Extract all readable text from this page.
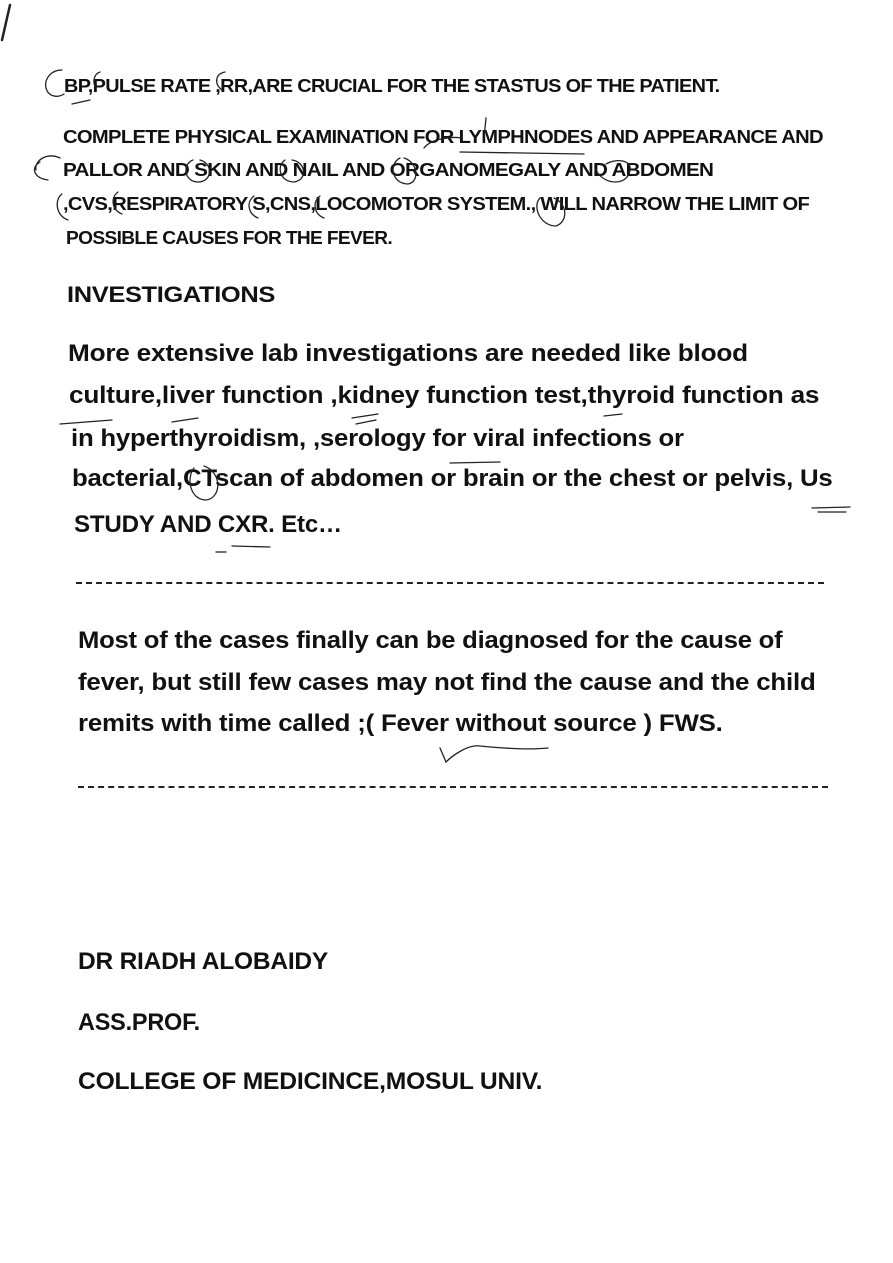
BP,PULSE RATE ,RR,ARE CRUCIAL FOR THE STASTUS OF THE PATIENT.
COMPLETE PHYSICAL EXAMINATION FOR LYMPHNODES AND APPEARANCE AND
PALLOR AND SKIN AND NAIL AND ORGANOMEGALY AND ABDOMEN
,CVS,RESPIRATORY S,CNS,LOCOMOTOR SYSTEM., WILL NARROW THE LIMIT OF
POSSIBLE CAUSES FOR THE FEVER.
INVESTIGATIONS
More extensive lab investigations are needed like blood
culture,liver function ,kidney function test,thyroid function as
in hyperthyroidism, ,serology for viral infections or
bacterial,CTscan of abdomen or brain or the chest or pelvis, Us
STUDY AND CXR. Etc…
Most of the cases finally can be diagnosed for the cause of
fever, but still few cases may not find the cause and the child
remits with time called ;( Fever without source ) FWS.
DR RIADH ALOBAIDY
ASS.PROF.
COLLEGE OF MEDICINCE,MOSUL UNIV.
